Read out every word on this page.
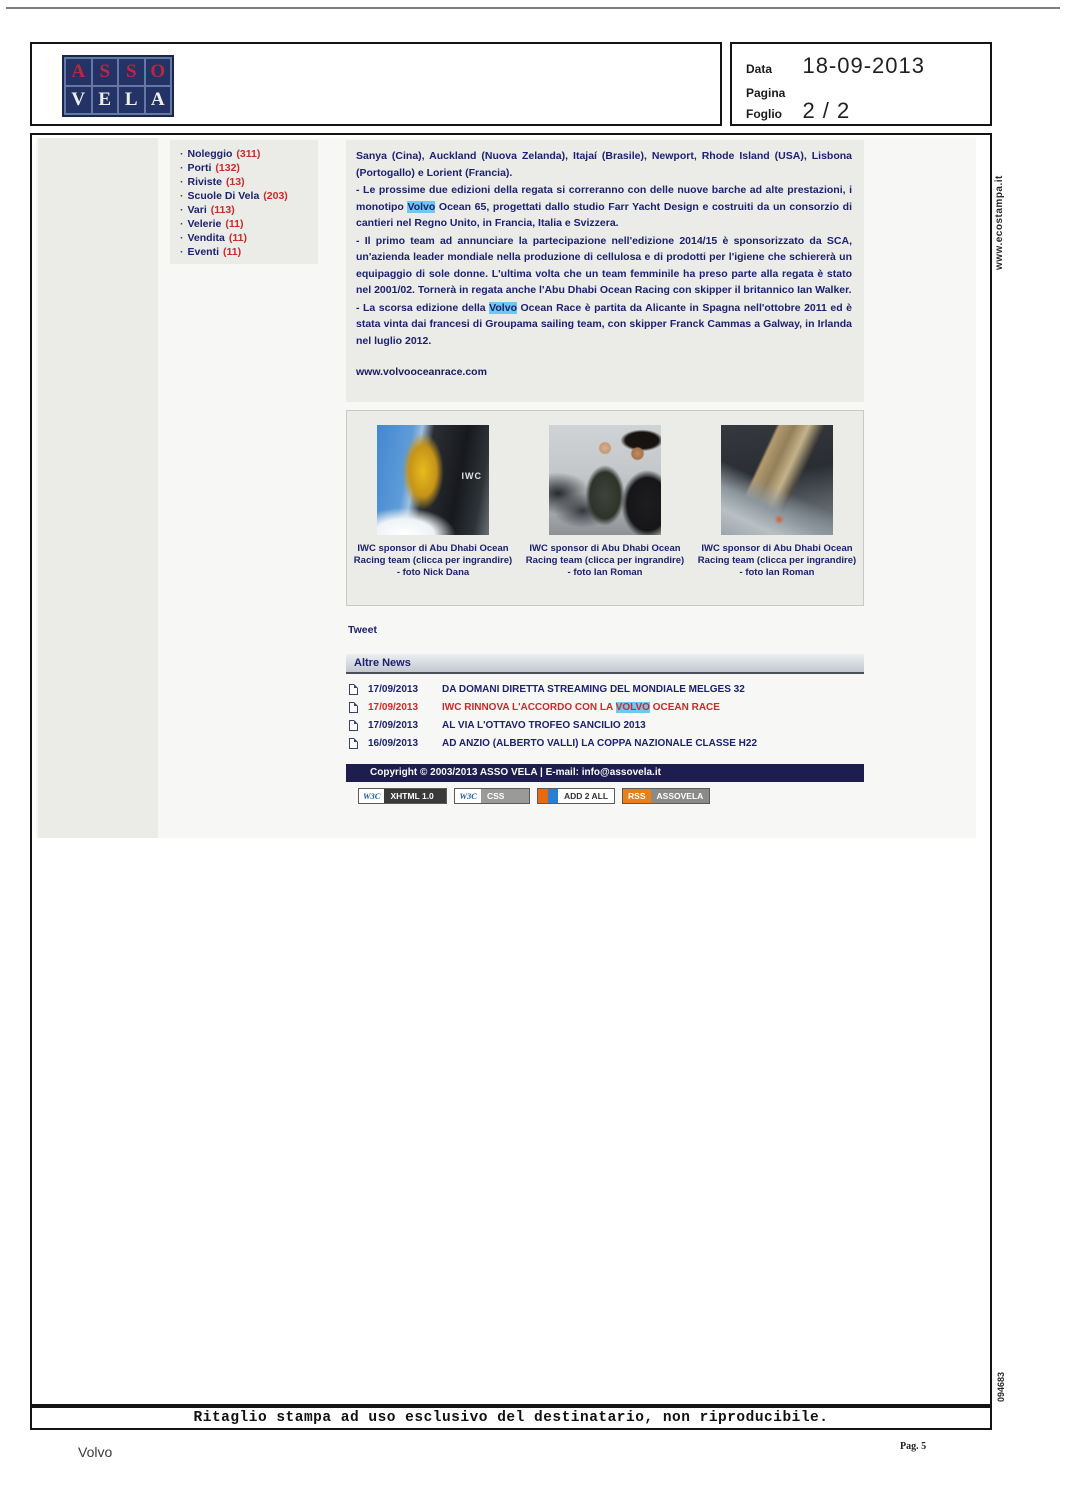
A S S O
V E L A
Data 18-09-2013
Pagina
Foglio 2 / 2
· Noleggio (311)
· Porti (132)
· Riviste (13)
· Scuole Di Vela (203)
· Vari (113)
· Velerie (11)
· Vendita (11)
· Eventi (11)

Sanya (Cina), Auckland (Nuova Zelanda), Itajaí (Brasile), Newport, Rhode Island (USA), Lisbona (Portogallo) e Lorient (Francia).

- Le prossime due edizioni della regata si correranno con delle nuove barche ad alte prestazioni, i monotipo Volvo Ocean 65, progettati dallo studio Farr Yacht Design e costruiti da un consorzio di cantieri nel Regno Unito, in Francia, Italia e Svizzera.

- Il primo team ad annunciare la partecipazione nell'edizione 2014/15 è sponsorizzato da SCA, un'azienda leader mondiale nella produzione di cellulosa e di prodotti per l'igiene che schiererà un equipaggio di sole donne. L'ultima volta che un team femminile ha preso parte alla regata è stato nel 2001/02. Tornerà in regata anche l'Abu Dhabi Ocean Racing con skipper il britannico Ian Walker.

- La scorsa edizione della Volvo Ocean Race è partita da Alicante in Spagna nell'ottobre 2011 ed è stata vinta dai francesi di Groupama sailing team, con skipper Franck Cammas a Galway, in Irlanda nel luglio 2012.

www.volvooceanrace.com
IWC
IWC sponsor di Abu Dhabi Ocean
Racing team (clicca per ingrandire)
- foto Nick Dana
IWC sponsor di Abu Dhabi Ocean
Racing team (clicca per ingrandire)
- foto Ian Roman
IWC sponsor di Abu Dhabi Ocean
Racing team (clicca per ingrandire)
- foto Ian Roman
Tweet
Altre News
17/09/2013 DA DOMANI DIRETTA STREAMING DEL MONDIALE MELGES 32
17/09/2013 IWC RINNOVA L'ACCORDO CON LA VOLVO OCEAN RACE
17/09/2013 AL VIA L'OTTAVO TROFEO SANCILIO 2013
16/09/2013 AD ANZIO (ALBERTO VALLI) LA COPPA NAZIONALE CLASSE H22
Copyright © 2003/2013 ASSO VELA | E-mail: info@assovela.it
W3C	XHTML 1.0	W3C	CSS	ADD 2 ALL	RSS	ASSOVELA
www.ecostampa.it
094683
Ritaglio stampa ad uso esclusivo del destinatario, non riproducibile.
Volvo	Pag. 5
